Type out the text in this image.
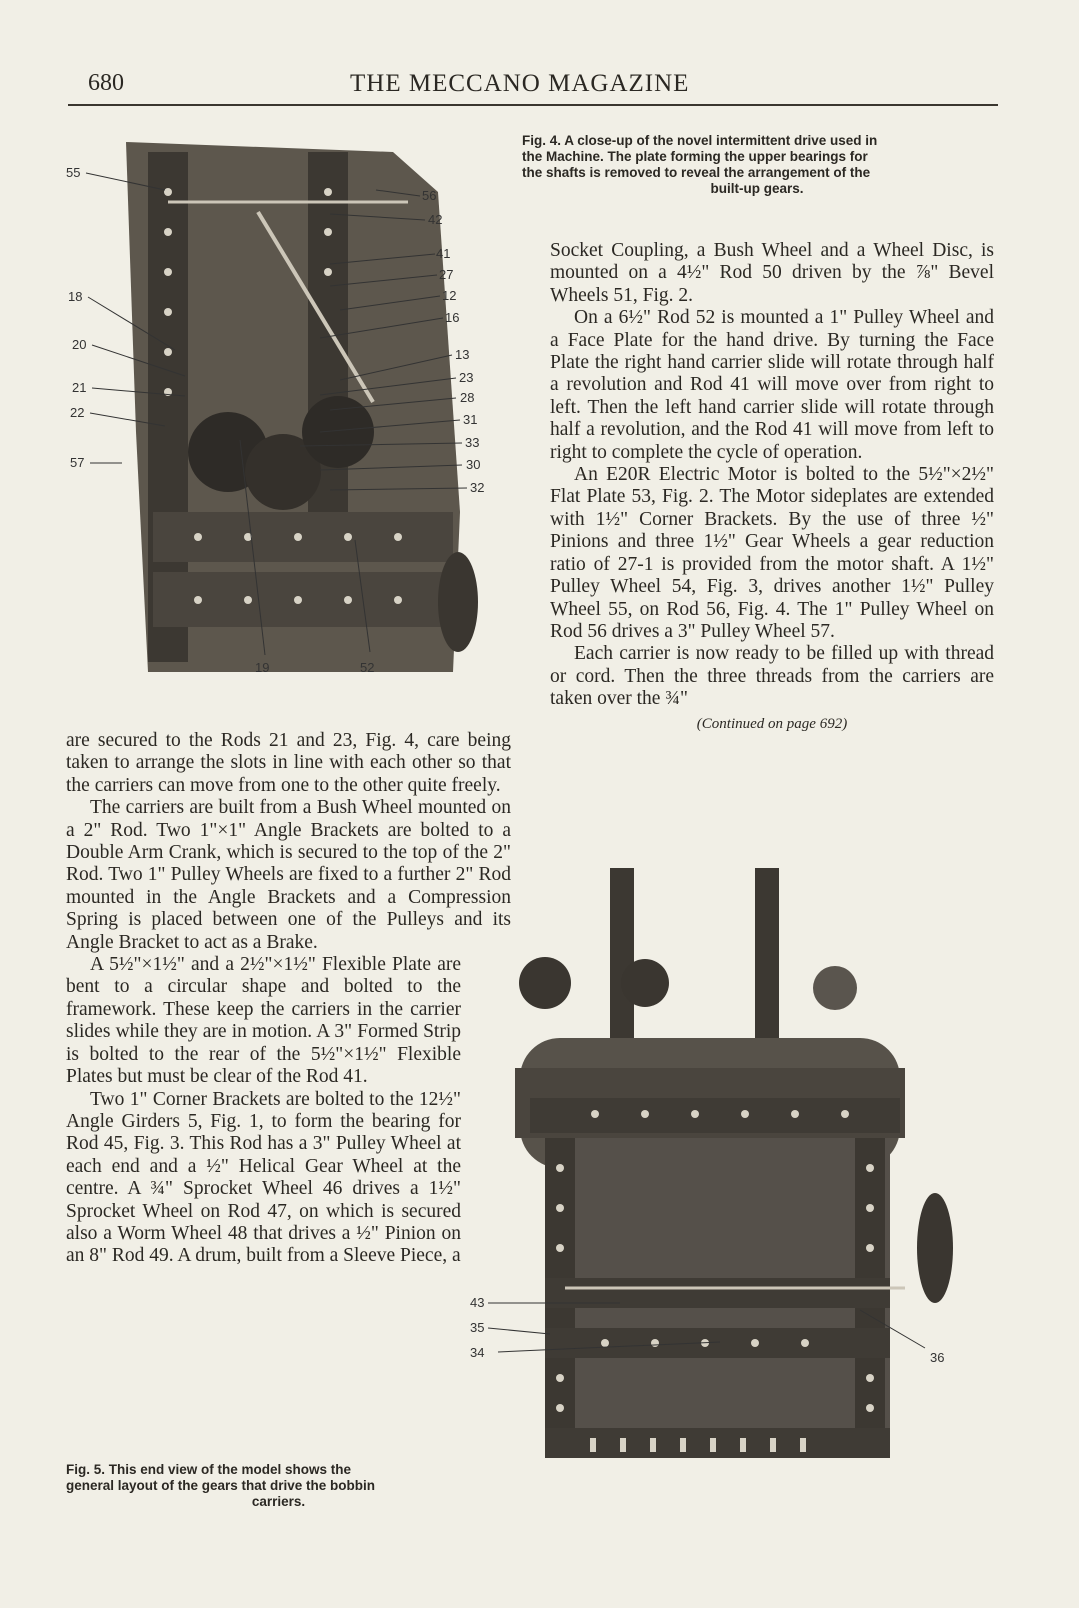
680	THE MECCANO MAGAZINE
55
56
42
41
27
12
16
18
20
13
23
21
28
22	31
33
57	30
32
19	52
Fig. 4. A close-up of the novel intermittent drive used in
the Machine. The plate forming the upper bearings for
the shafts is removed to reveal the arrangement of the
built-up gears.

Socket Coupling, a Bush Wheel and a Wheel Disc, is mounted on a 4½" Rod 50 driven by the ⅞" Bevel Wheels 51, Fig. 2.

On a 6½" Rod 52 is mounted a 1" Pulley Wheel and a Face Plate for the hand drive. By turning the Face Plate the right hand carrier slide will rotate through half a revolution and Rod 41 will move over from right to left. Then the left hand carrier slide will rotate through half a revolution, and the Rod 41 will move from left to right to complete the cycle of operation.

An E20R Electric Motor is bolted to the 5½"×2½" Flat Plate 53, Fig. 2. The Motor sideplates are extended with 1½" Corner Brackets. By the use of three ½" Pinions and three 1½" Gear Wheels a gear reduction ratio of 27-1 is provided from the motor shaft. A 1½" Pulley Wheel 54, Fig. 3, drives another 1½" Pulley Wheel 55, on Rod 56, Fig. 4. The 1" Pulley Wheel on Rod 56 drives a 3" Pulley Wheel 57.

Each carrier is now ready to be filled up with thread or cord. Then the three threads from the carriers are taken over the ¾"

(Continued on page 692)

are secured to the Rods 21 and 23, Fig. 4, care being taken to arrange the slots in line with each other so that the carriers can move from one to the other quite freely.

The carriers are built from a Bush Wheel mounted on a 2" Rod. Two 1"×1" Angle Brackets are bolted to a Double Arm Crank, which is secured to the top of the 2" Rod. Two 1" Pulley Wheels are fixed to a further 2" Rod mounted in the Angle Brackets and a Compression Spring is placed between one of the Pulleys and its Angle Bracket to act as a Brake.

A 5½"×1½" and a 2½"×1½" Flexible Plate are bent to a circular shape and bolted to the framework. These keep the carriers in the carrier slides while they are in motion. A 3" Formed Strip is bolted to the rear of the 5½"×1½" Flexible Plates but must be clear of the Rod 41.

Two 1" Corner Brackets are bolted to the 12½" Angle Girders 5, Fig. 1, to form the bearing for Rod 45, Fig. 3. This Rod has a 3" Pulley Wheel at each end and a ½" Helical Gear Wheel at the centre. A ¾" Sprocket Wheel 46 drives a 1½" Sprocket Wheel on Rod 47, on which is secured also a Worm Wheel 48 that drives a ½" Pinion on an 8" Rod 49. A drum, built from a Sleeve Piece, a

43
35
34	36
Fig. 5. This end view of the model shows the
general layout of the gears that drive the bobbin
carriers.
